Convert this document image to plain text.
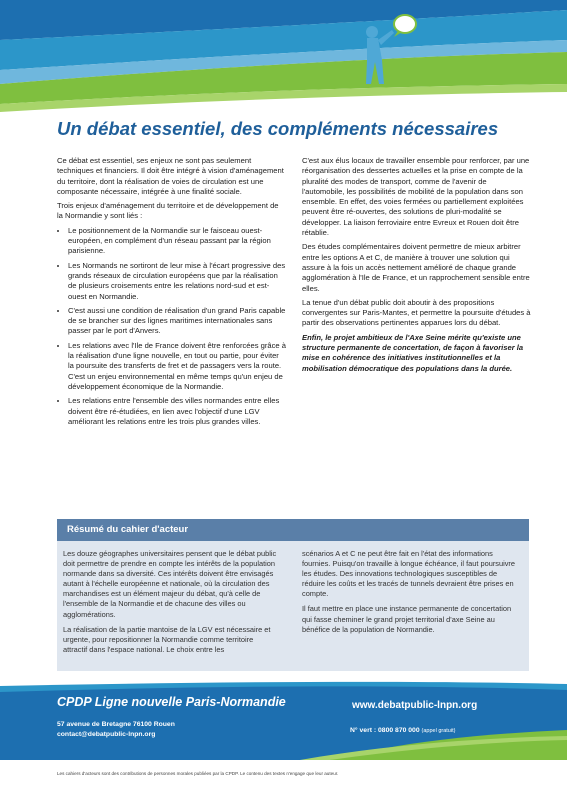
Un débat essentiel, des compléments nécessaires

Ce débat est essentiel, ses enjeux ne sont pas seulement techniques et financiers. Il doit être intégré à vision d'aménagement du territoire, dont la réalisation de voies de circulation est une composante nécessaire, intégrée à une finalité sociale.

Trois enjeux d'aménagement du territoire et de développement de la Normandie y sont liés :

• Le positionnement de la Normandie sur le faisceau ouest-européen, en complément d'un réseau passant par la région parisienne.
• Les Normands ne sortiront de leur mise à l'écart progressive des grands réseaux de circulation européens que par la réalisation de plusieurs croisements entre les relations nord-sud et est-ouest en Normandie.
• C'est aussi une condition de réalisation d'un grand Paris capable de se brancher sur des lignes maritimes internationales sans passer par le port d'Anvers.
• Les relations avec l'Ile de France doivent être renforcées grâce à la réalisation d'une ligne nouvelle, en tout ou partie, pour éviter la poursuite des transferts de fret et de passagers vers la route. C'est un enjeu environnemental en même temps qu'un enjeu de développement économique de la Normandie.
• Les relations entre l'ensemble des villes normandes entre elles doivent être ré-étudiées, en lien avec l'objectif d'une LGV améliorant les relations entre les trois plus grandes villes.

C'est aux élus locaux de travailler ensemble pour renforcer, par une réorganisation des dessertes actuelles et la prise en compte de la pluralité des modes de transport, comme de l'avenir de l'automobile, les possibilités de mobilité de la population dans son ensemble. En effet, des voies fermées ou partiellement exploitées peuvent être ré-ouvertes, des solutions de pluri-modalité se développer. La liaison ferroviaire entre Evreux et Rouen doit être rétablie.

Des études complémentaires doivent permettre de mieux arbitrer entre les options A et C, de manière à trouver une solution qui assure à la fois un accès nettement amélioré de chaque grande agglomération à l'Ile de France, et un rapprochement sensible entre elles.

La tenue d'un débat public doit aboutir à des propositions convergentes sur Paris-Mantes, et permettre la poursuite d'études à partir des observations pertinentes apparues lors du débat.

Enfin, le projet ambitieux de l'Axe Seine mérite qu'existe une structure permanente de concertation, de façon à favoriser la mise en cohérence des initiatives institutionnelles et la mobilisation démocratique des populations dans la durée.

Résumé du cahier d'acteur

Les douze géographes universitaires pensent que le débat public doit permettre de prendre en compte les intérêts de la population normande dans sa diversité. Ces intérêts doivent être envisagés autant à l'échelle européenne et nationale, où la circulation des marchandises est un élément majeur du débat, qu'à celle de l'ensemble de la Normandie et de chacune des villes ou agglomérations.

La réalisation de la partie mantoise de la LGV est nécessaire et urgente, pour repositionner la Normandie comme territoire attractif dans l'espace national. Le choix entre les

scénarios A et C ne peut être fait en l'état des informations fournies. Puisqu'on travaille à longue échéance, il faut poursuivre les études. Des innovations technologiques susceptibles de réduire les coûts et les tracés de tunnels devraient être prises en compte.

Il faut mettre en place une instance permanente de concertation qui fasse cheminer le grand projet territorial d'axe Seine au bénéfice de la population de Normandie.

CPDP Ligne nouvelle Paris-Normandie
57 avenue de Bretagne 76100 Rouen
contact@debatpublic-lnpn.org
www.debatpublic-lnpn.org
N° vert : 0800 870 000 (appel gratuit)
Les cahiers d'acteurs sont des contributions de personnes morales publiées par la CPDP. Le contenu des textes n'engage que leur auteur.
